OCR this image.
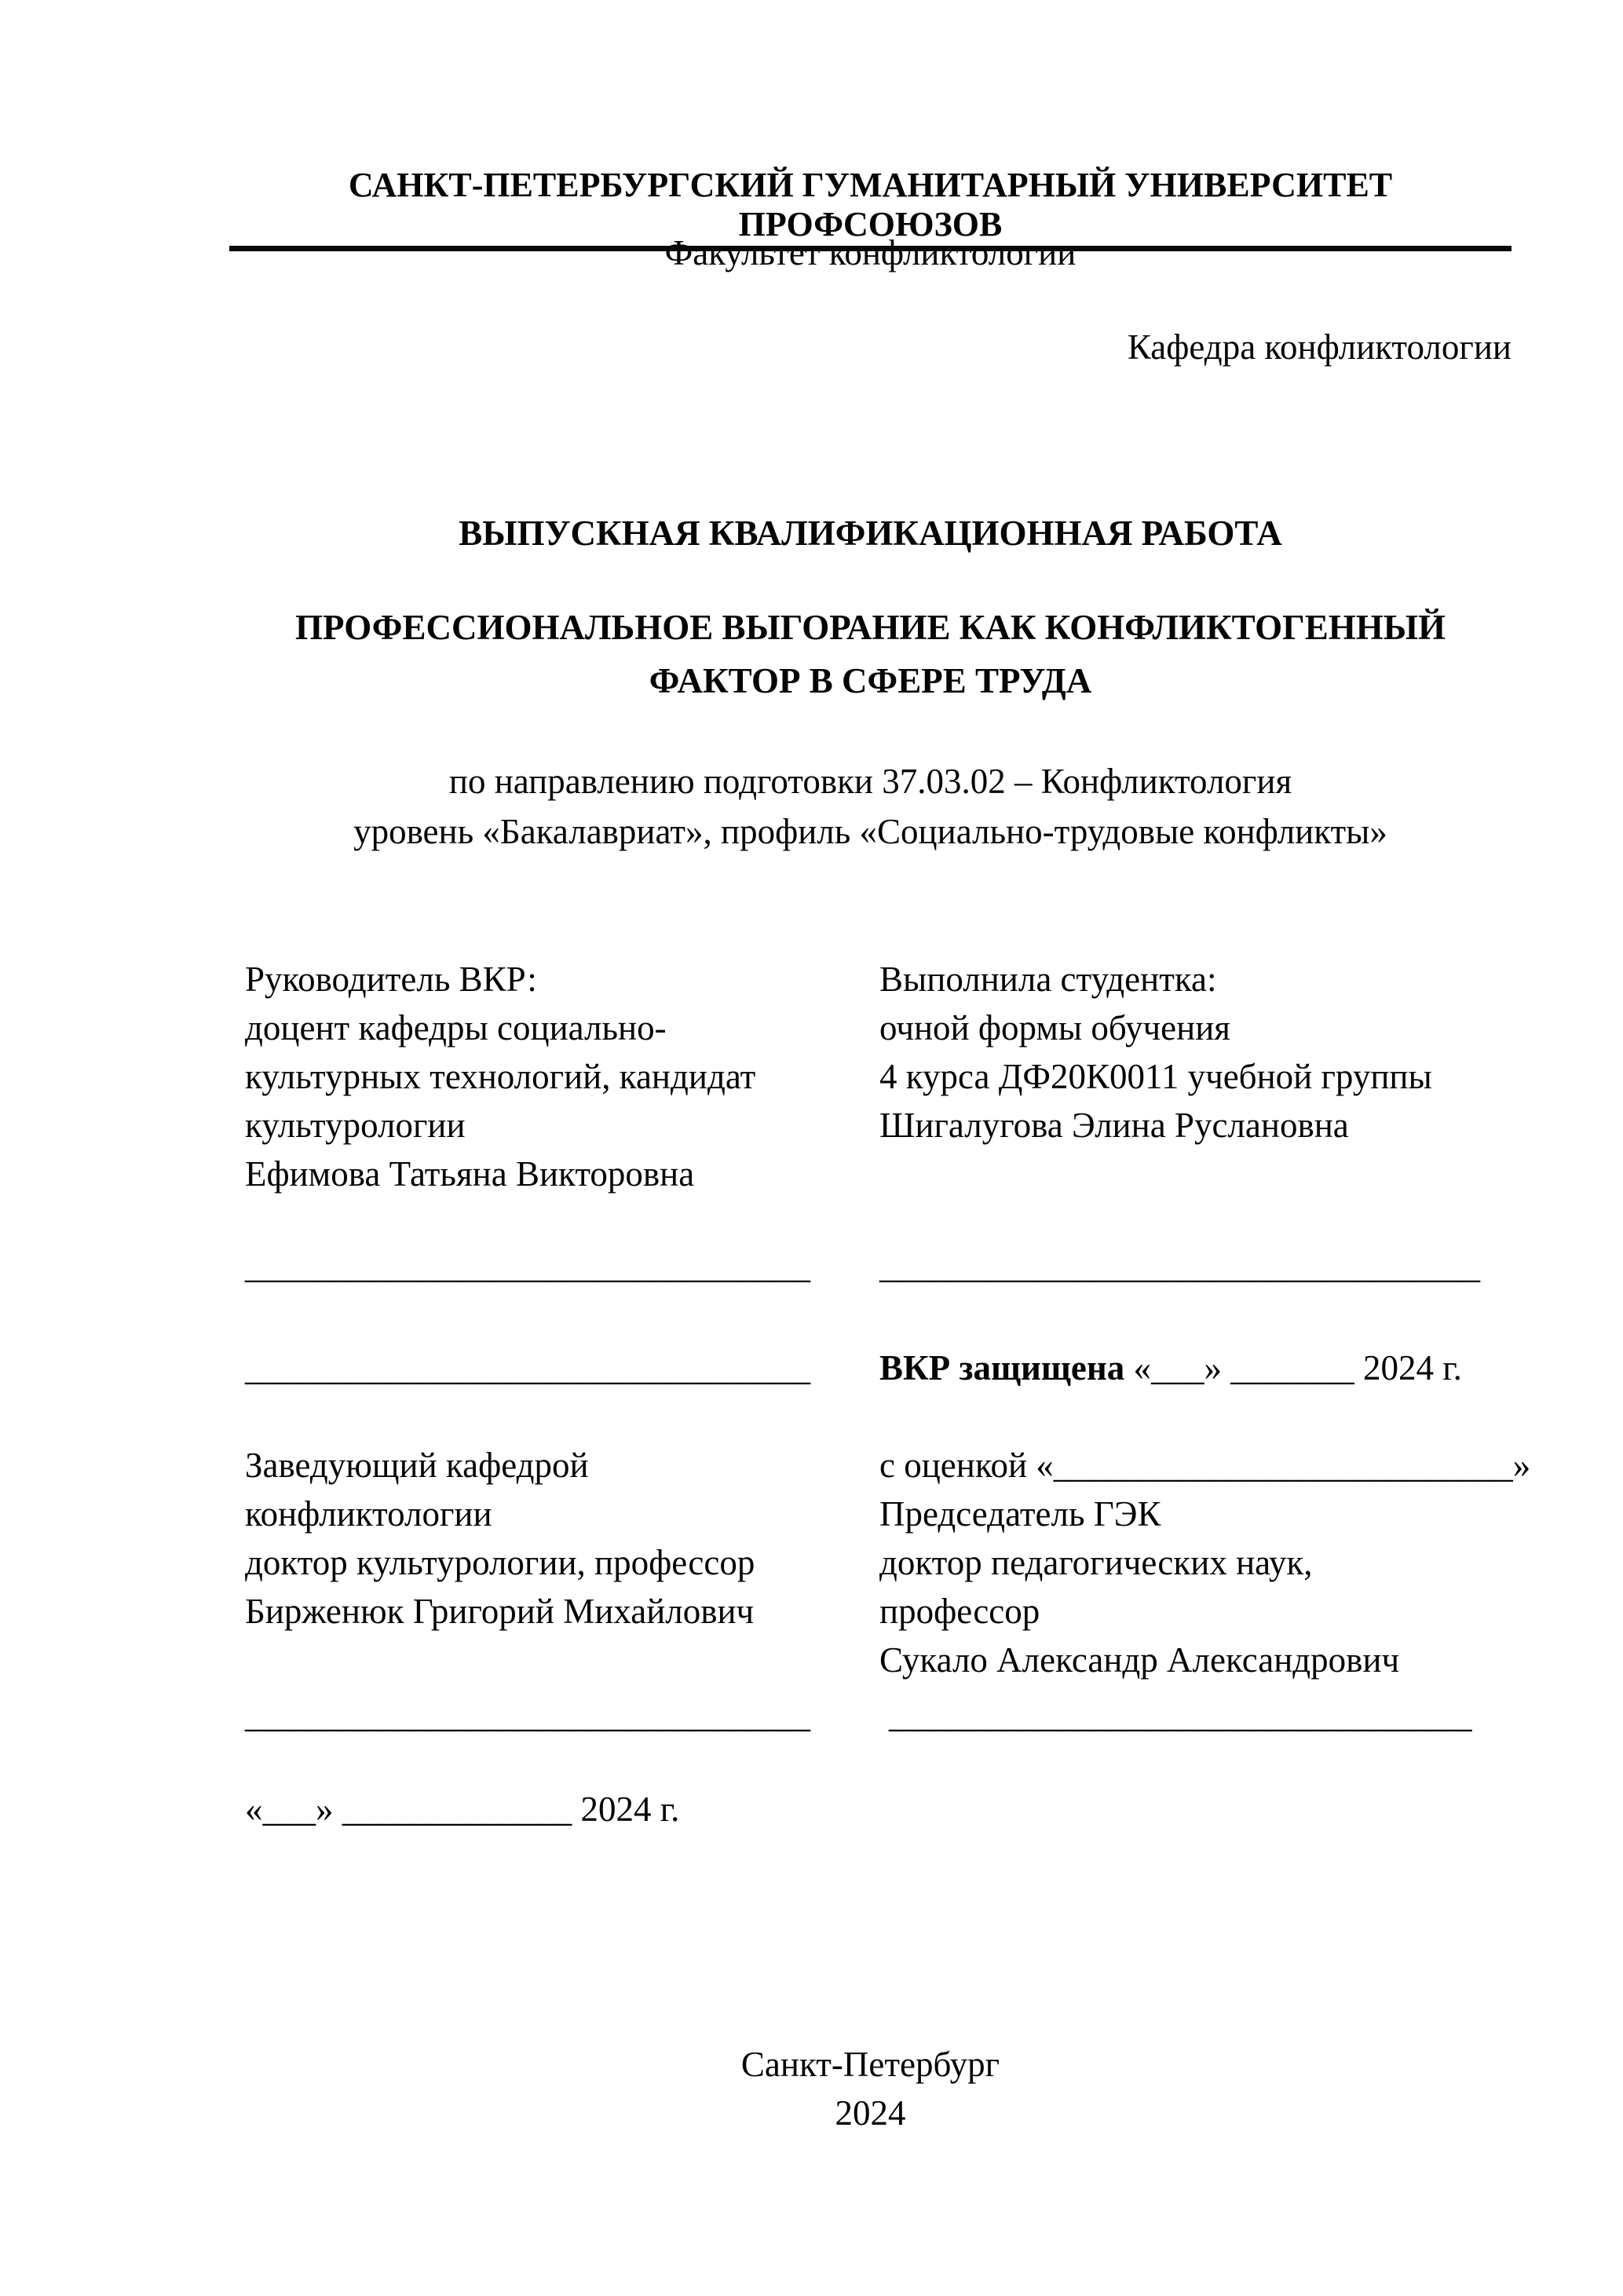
САНКТ-ПЕТЕРБУРГСКИЙ ГУМАНИТАРНЫЙ УНИВЕРСИТЕТ ПРОФСОЮЗОВ
Факультет конфликтологии
Кафедра конфликтологии
ВЫПУСКНАЯ КВАЛИФИКАЦИОННАЯ РАБОТА
ПРОФЕССИОНАЛЬНОЕ ВЫГОРАНИЕ КАК КОНФЛИКТОГЕННЫЙ
ФАКТОР В СФЕРЕ ТРУДА
по направлению подготовки 37.03.02 – Конфликтология
уровень «Бакалавриат», профиль «Социально-трудовые конфликты»
Руководитель ВКР:
доцент кафедры социально-
культурных технологий, кандидат
культурологии
Ефимова Татьяна Викторовна
Выполнила студентка:
очной формы обучения
4 курса ДФ20К0011 учебной группы
Шигалугова Элина Руслановна
________________________________	__________________________________
________________________________	ВКР защищена «___» _______ 2024 г.
Заведующий кафедрой
конфликтологии
доктор культурологии, профессор
Бирженюк Григорий Михайлович
с оценкой «__________________________»
Председатель ГЭК
доктор педагогических наук,
профессор
Сукало Александр Александрович
________________________________	_________________________________
«___» _____________ 2024 г.
Санкт-Петербург
2024
